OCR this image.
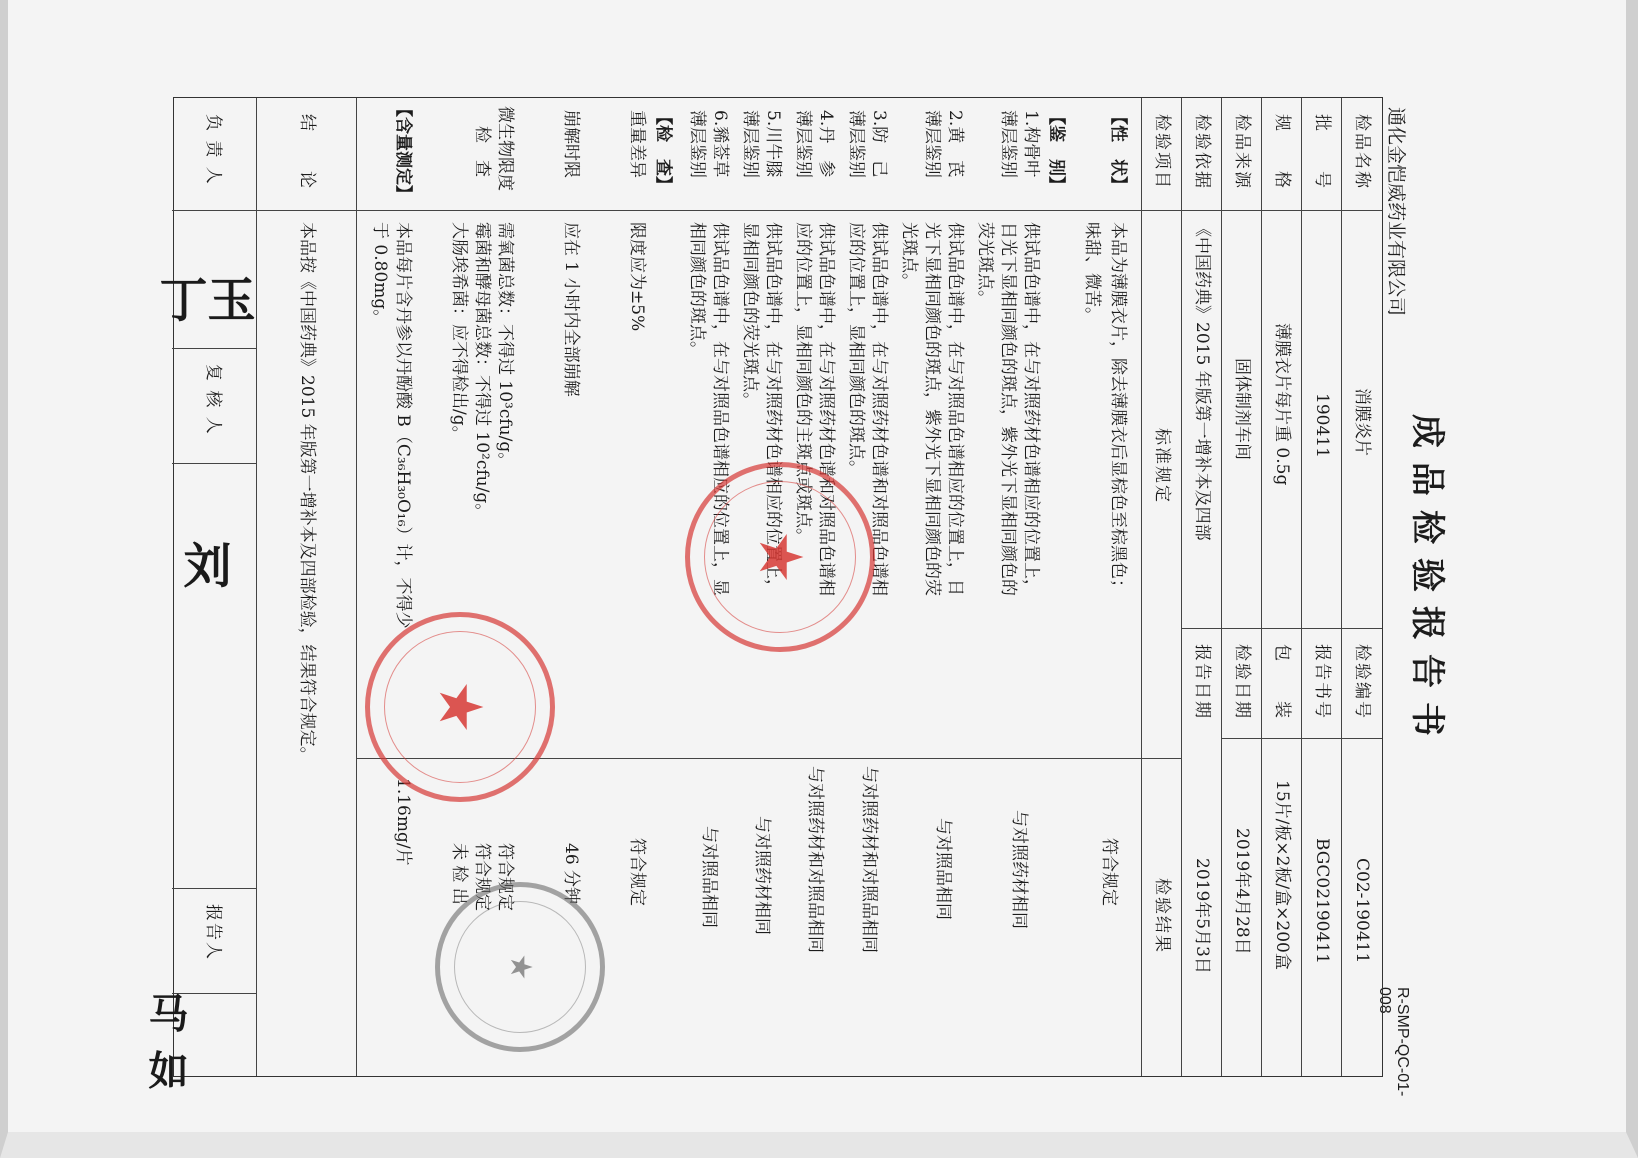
成品检验报告书
通化金恺威药业有限公司
R-SMP-QC-01-008
检品名称
消膜炎片
检验编号
C02-190411
批　　号
190411
报告书号
BGC02190411
规　　格
薄膜衣片每片重 0.5g
包　　装
15片/板×2板/盒×200盒
检品来源
固体制剂车间
检验日期
2019年4月28日
检验依据
《中国药典》2015 年版第一增补本及四部
报告日期
2019年5月3日
检验项目
标准规定
检验结果
【性　状】
本品为薄膜衣片，除去薄膜衣后显棕色至棕黑色；
味甜、微苦。
符合规定
【鉴　别】
1.构骨叶
薄层鉴别
供试品色谱中，在与对照药材色谱相应的位置上，
日光下显相同颜色的斑点，紫外光下显相同颜色的
荧光斑点。
与对照药材相同
2.黄　芪
薄层鉴别
供试品色谱中，在与对照品色谱相应的位置上，日
光下显相同颜色的斑点，紫外光下显相同颜色的荧
光斑点。
与对照品相同
3.防　己
薄层鉴别
供试品色谱中，在与对照药材色谱和对照品色谱相
应的位置上，显相同颜色的斑点。
与对照药材和对照品相同
4.丹　参
薄层鉴别
供试品色谱中，在与对照药材色谱和对照品色谱相
应的位置上，显相同颜色的主斑点或斑点。
与对照药材和对照品相同
5.川牛膝
薄层鉴别
供试品色谱中，在与对照药材色谱相应的位置上，
显相同颜色的荧光斑点。
与对照药材相同
6.豨莶草
薄层鉴别
供试品色谱中，在与对照品色谱相应的位置上，显
相同颜色的斑点。
与对照品相同
【检　查】
重量差异
限度应为±5%
符合规定
崩解时限
应在 1 小时内全部崩解
46 分钟
微生物限度
检　查
需氧菌总数：不得过 10³cfu/g。
霉菌和酵母菌总数：不得过 10²cfu/g。
大肠埃希菌：应不得检出/g。
符合规定
符合规定
未 检 出
【含量测定】
本品每片含丹参以丹酚酸 B（C₃₆H₃₀O₁₆）计，不得少
于 0.80mg。
1.16mg/片
结　　论
本品按《中国药典》2015 年版第一增补本及四部检验，结果符合规定。
负 责 人
复 核 人
报告人
丁玉
刘
马如
★
★
★
